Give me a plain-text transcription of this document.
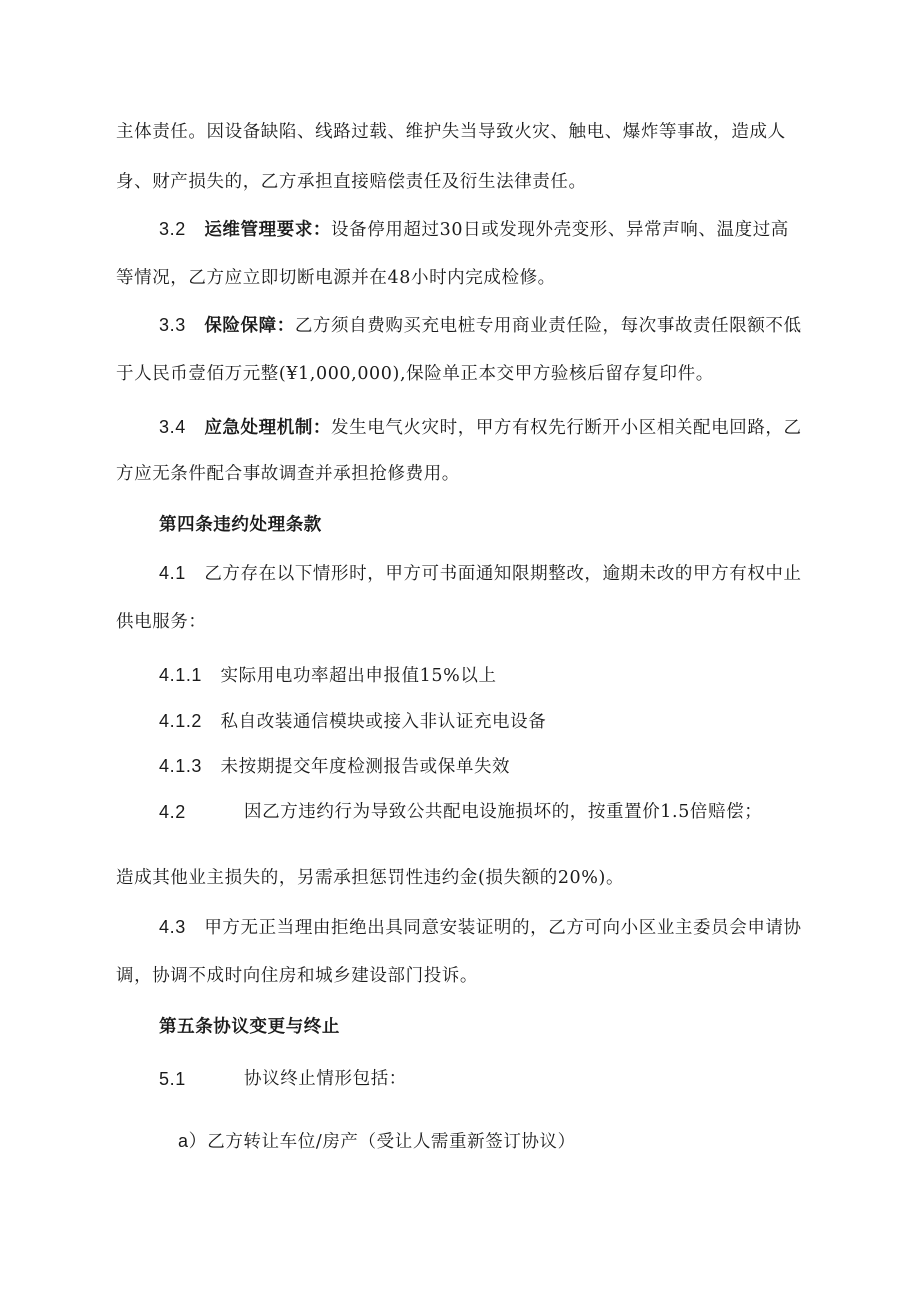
主体责任。因设备缺陷、线路过载、维护失当导致火灾、触电、爆炸等事故，造成人
身、财产损失的，乙方承担直接赔偿责任及衍生法律责任。
3.2 运维管理要求：设备停用超过30日或发现外壳变形、异常声响、温度过高
等情况，乙方应立即切断电源并在48小时内完成检修。
3.3 保险保障：乙方须自费购买充电桩专用商业责任险，每次事故责任限额不低
于人民币壹佰万元整(¥1,000,000),保险单正本交甲方验核后留存复印件。
3.4 应急处理机制：发生电气火灾时，甲方有权先行断开小区相关配电回路，乙
方应无条件配合事故调查并承担抢修费用。
第四条违约处理条款
4.1 乙方存在以下情形时，甲方可书面通知限期整改，逾期未改的甲方有权中止
供电服务：
4.1.1 实际用电功率超出申报值15%以上
4.1.2 私自改装通信模块或接入非认证充电设备
4.1.3 未按期提交年度检测报告或保单失效
4.2	因乙方违约行为导致公共配电设施损坏的，按重置价1.5倍赔偿；
造成其他业主损失的，另需承担惩罚性违约金(损失额的20%)。
4.3 甲方无正当理由拒绝出具同意安装证明的，乙方可向小区业主委员会申请协
调，协调不成时向住房和城乡建设部门投诉。
第五条协议变更与终止
5.1	协议终止情形包括：
a）乙方转让车位/房产（受让人需重新签订协议）
